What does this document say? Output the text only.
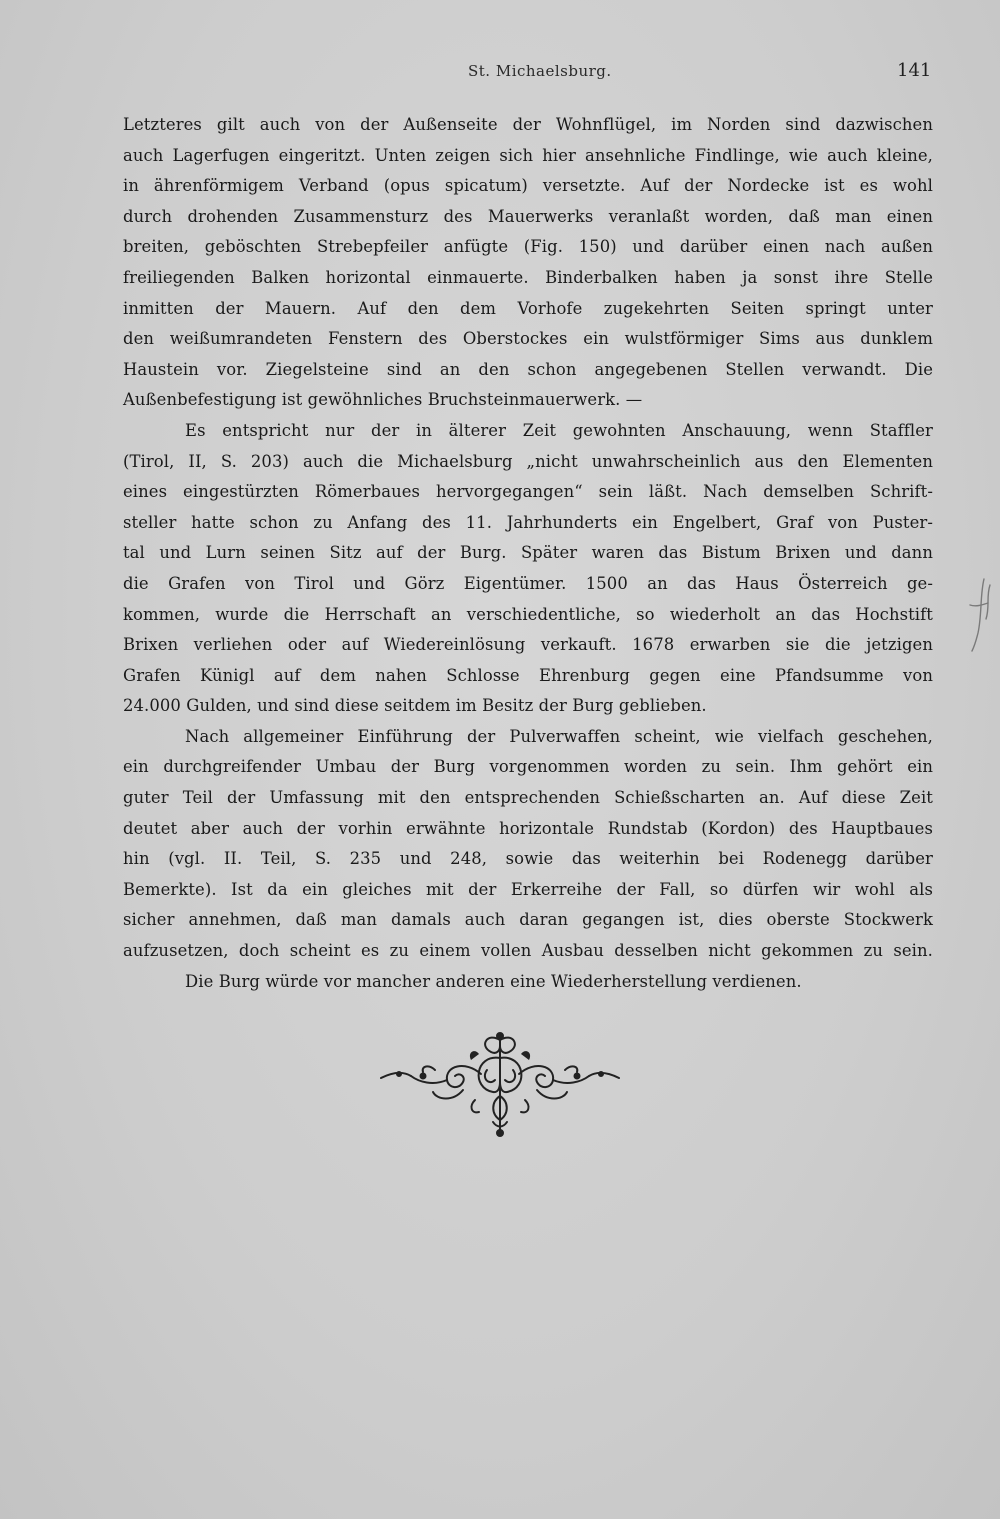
St. Michaelsburg.	141
Letzteres gilt auch von der Außenseite der Wohnflügel, im Norden sind dazwischen
auch Lagerfugen eingeritzt. Unten zeigen sich hier ansehnliche Findlinge, wie auch kleine,
in ährenförmigem Verband (opus spicatum) versetzte. Auf der Nordecke ist es wohl
durch drohenden Zusammensturz des Mauerwerks veranlaßt worden, daß man einen
breiten, geböschten Strebepfeiler anfügte (Fig. 150) und darüber einen nach außen
freiliegenden Balken horizontal einmauerte. Binderbalken haben ja sonst ihre Stelle
inmitten der Mauern. Auf den dem Vorhofe zugekehrten Seiten springt unter
den weißumrandeten Fenstern des Oberstockes ein wulstförmiger Sims aus dunklem
Haustein vor. Ziegelsteine sind an den schon angegebenen Stellen verwandt. Die
Außenbefestigung ist gewöhnliches Bruchsteinmauerwerk. —
Es entspricht nur der in älterer Zeit gewohnten Anschauung, wenn Staffler
(Tirol, II, S. 203) auch die Michaelsburg „nicht unwahrscheinlich aus den Elementen
eines eingestürzten Römerbaues hervorgegangen“ sein läßt. Nach demselben Schrift-
steller hatte schon zu Anfang des 11. Jahrhunderts ein Engelbert, Graf von Puster-
tal und Lurn seinen Sitz auf der Burg. Später waren das Bistum Brixen und dann
die Grafen von Tirol und Görz Eigentümer. 1500 an das Haus Österreich ge-
kommen, wurde die Herrschaft an verschiedentliche, so wiederholt an das Hochstift
Brixen verliehen oder auf Wiedereinlösung verkauft. 1678 erwarben sie die jetzigen
Grafen Künigl auf dem nahen Schlosse Ehrenburg gegen eine Pfandsumme von
24.000 Gulden, und sind diese seitdem im Besitz der Burg geblieben.
Nach allgemeiner Einführung der Pulverwaffen scheint, wie vielfach geschehen,
ein durchgreifender Umbau der Burg vorgenommen worden zu sein. Ihm gehört ein
guter Teil der Umfassung mit den entsprechenden Schießscharten an. Auf diese Zeit
deutet aber auch der vorhin erwähnte horizontale Rundstab (Kordon) des Hauptbaues
hin (vgl. II. Teil, S. 235 und 248, sowie das weiterhin bei Rodenegg darüber
Bemerkte). Ist da ein gleiches mit der Erkerreihe der Fall, so dürfen wir wohl als
sicher annehmen, daß man damals auch daran gegangen ist, dies oberste Stockwerk
aufzusetzen, doch scheint es zu einem vollen Ausbau desselben nicht gekommen zu sein.
Die Burg würde vor mancher anderen eine Wiederherstellung verdienen.
